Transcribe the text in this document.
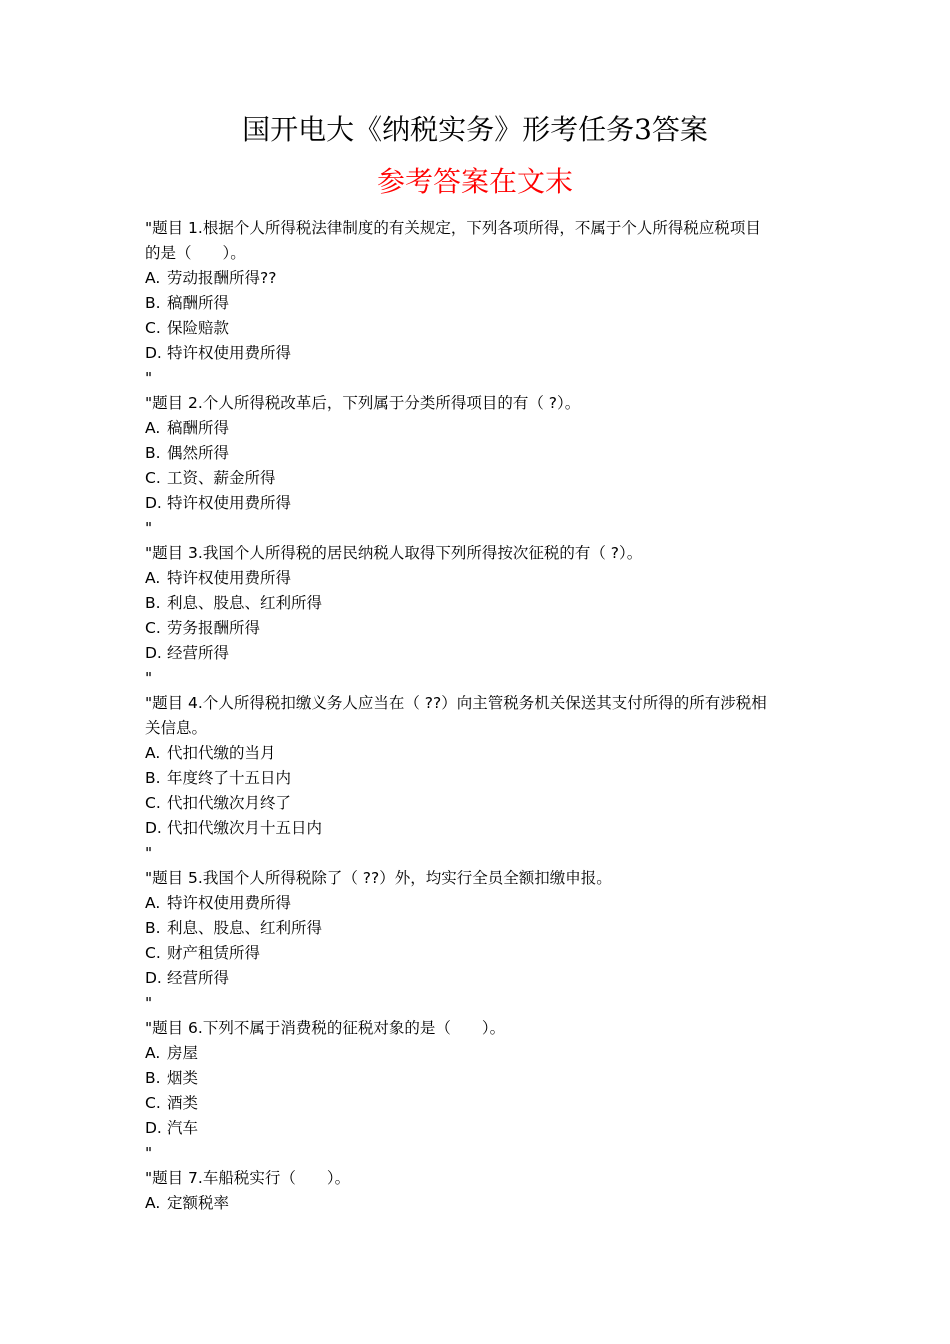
国开电大《纳税实务》形考任务3答案
参考答案在文末
"题目 1.根据个人所得税法律制度的有关规定，下列各项所得，不属于个人所得税应税项目
的是（　　）。
A. 劳动报酬所得??
B. 稿酬所得
C. 保险赔款
D. 特许权使用费所得
"
"题目 2.个人所得税改革后，下列属于分类所得项目的有（ ?）。
A. 稿酬所得
B. 偶然所得
C. 工资、薪金所得
D. 特许权使用费所得
"
"题目 3.我国个人所得税的居民纳税人取得下列所得按次征税的有（ ?）。
A. 特许权使用费所得
B. 利息、股息、红利所得
C. 劳务报酬所得
D. 经营所得
"
"题目 4.个人所得税扣缴义务人应当在（ ??）向主管税务机关保送其支付所得的所有涉税相
关信息。
A. 代扣代缴的当月
B. 年度终了十五日内
C. 代扣代缴次月终了
D. 代扣代缴次月十五日内
"
"题目 5.我国个人所得税除了（ ??）外，均实行全员全额扣缴申报。
A. 特许权使用费所得
B. 利息、股息、红利所得
C. 财产租赁所得
D. 经营所得
"
"题目 6.下列不属于消费税的征税对象的是（　　）。
A. 房屋
B. 烟类
C. 酒类
D. 汽车
"
"题目 7.车船税实行（　　）。
A. 定额税率
